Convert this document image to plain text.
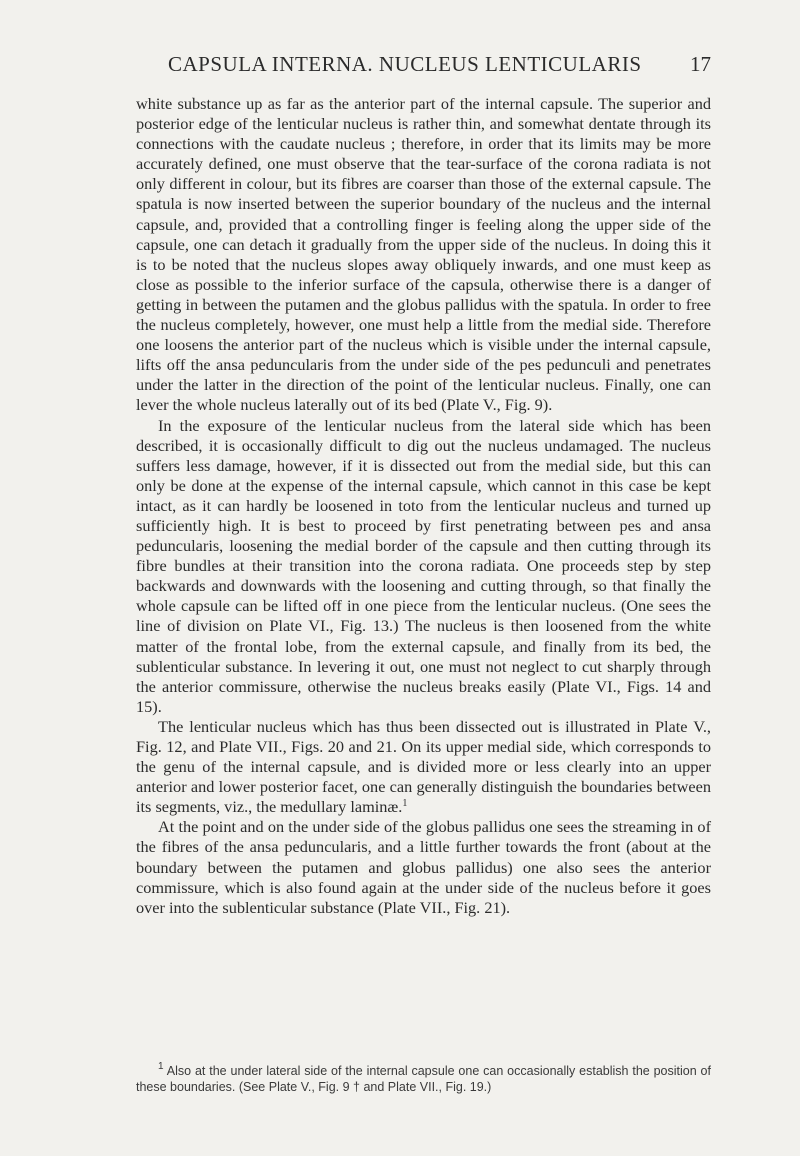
CAPSULA INTERNA. NUCLEUS LENTICULARIS 17

white substance up as far as the anterior part of the internal capsule. The superior and posterior edge of the lenticular nucleus is rather thin, and somewhat dentate through its connections with the caudate nucleus ; therefore, in order that its limits may be more accurately defined, one must observe that the tear-surface of the corona radiata is not only different in colour, but its fibres are coarser than those of the external capsule. The spatula is now inserted between the superior boundary of the nucleus and the internal capsule, and, provided that a controlling finger is feeling along the upper side of the capsule, one can detach it gradually from the upper side of the nucleus. In doing this it is to be noted that the nucleus slopes away obliquely inwards, and one must keep as close as possible to the inferior surface of the capsula, otherwise there is a danger of getting in between the putamen and the globus pallidus with the spatula. In order to free the nucleus completely, however, one must help a little from the medial side. Therefore one loosens the anterior part of the nucleus which is visible under the internal capsule, lifts off the ansa peduncularis from the under side of the pes pedunculi and penetrates under the latter in the direction of the point of the lenticular nucleus. Finally, one can lever the whole nucleus laterally out of its bed (Plate V., Fig. 9).

In the exposure of the lenticular nucleus from the lateral side which has been described, it is occasionally difficult to dig out the nucleus undamaged. The nucleus suffers less damage, however, if it is dissected out from the medial side, but this can only be done at the expense of the internal capsule, which cannot in this case be kept intact, as it can hardly be loosened in toto from the lenticular nucleus and turned up sufficiently high. It is best to proceed by first penetrating between pes and ansa peduncularis, loosening the medial border of the capsule and then cutting through its fibre bundles at their transition into the corona radiata. One proceeds step by step backwards and downwards with the loosening and cutting through, so that finally the whole capsule can be lifted off in one piece from the lenticular nucleus. (One sees the line of division on Plate VI., Fig. 13.) The nucleus is then loosened from the white matter of the frontal lobe, from the external capsule, and finally from its bed, the sublenticular substance. In levering it out, one must not neglect to cut sharply through the anterior commissure, otherwise the nucleus breaks easily (Plate VI., Figs. 14 and 15).

The lenticular nucleus which has thus been dissected out is illustrated in Plate V., Fig. 12, and Plate VII., Figs. 20 and 21. On its upper medial side, which corresponds to the genu of the internal capsule, and is divided more or less clearly into an upper anterior and lower posterior facet, one can generally distinguish the boundaries between its segments, viz., the medullary laminæ.$^1$

At the point and on the under side of the globus pallidus one sees the streaming in of the fibres of the ansa peduncularis, and a little further towards the front (about at the boundary between the putamen and globus pallidus) one also sees the anterior commissure, which is also found again at the under side of the nucleus before it goes over into the sublenticular substance (Plate VII., Fig. 21).

$^1$ Also at the under lateral side of the internal capsule one can occasionally establish the position of these boundaries. (See Plate V., Fig. 9 † and Plate VII., Fig. 19.)
